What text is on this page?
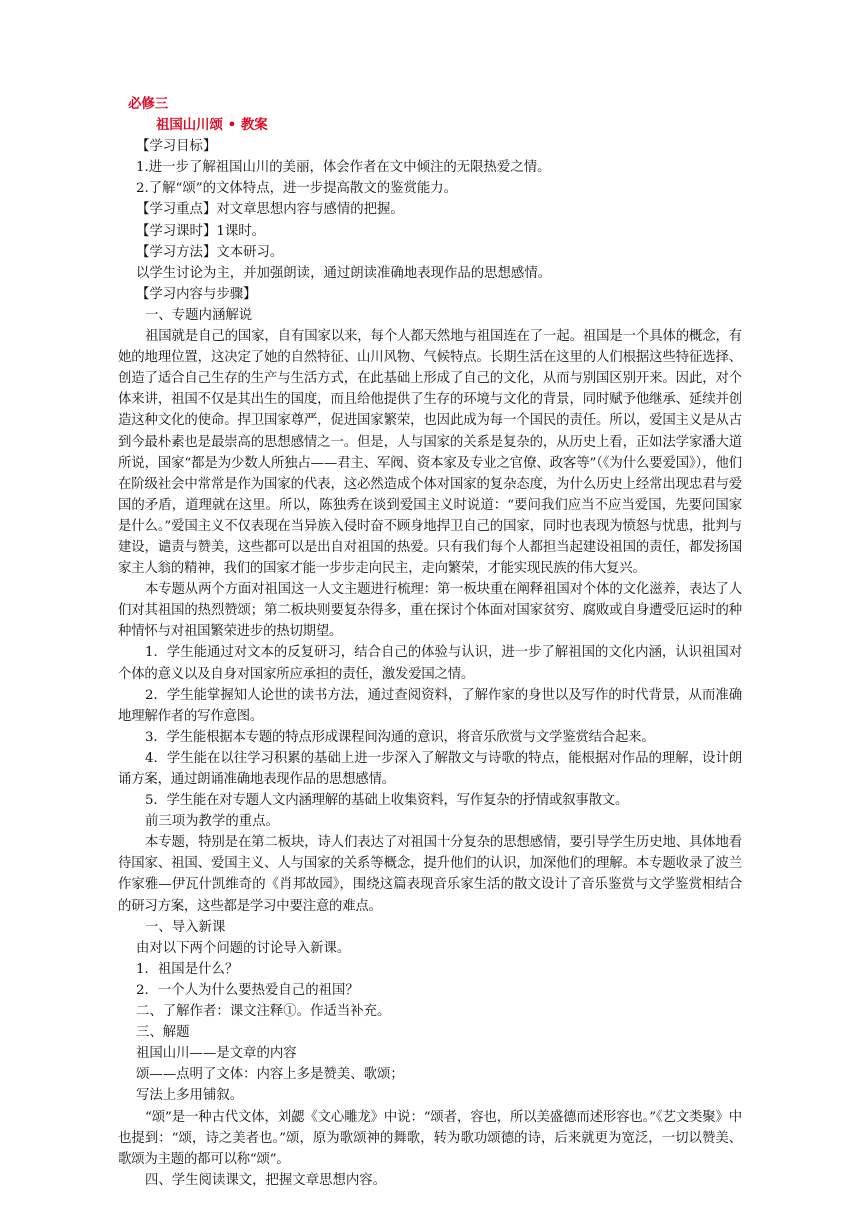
必修三
祖国山川颂 • 教案
【学习目标】
1.进一步了解祖国山川的美丽，体会作者在文中倾注的无限热爱之情。
2.了解“颂”的文体特点，进一步提高散文的鉴赏能力。
【学习重点】对文章思想内容与感情的把握。
【学习课时】1课时。
【学习方法】文本研习。
以学生讨论为主，并加强朗读，通过朗读准确地表现作品的思想感情。
【学习内容与步骤】
一、专题内涵解说
祖国就是自己的国家，自有国家以来，每个人都天然地与祖国连在了一起。祖国是一个具体的概念，有她的地理位置，这决定了她的自然特征、山川风物、气候特点。长期生活在这里的人们根据这些特征选择、创造了适合自己生存的生产与生活方式，在此基础上形成了自己的文化，从而与别国区别开来。因此，对个体来讲，祖国不仅是其出生的国度，而且给他提供了生存的环境与文化的背景，同时赋予他继承、延续并创造这种文化的使命。捍卫国家尊严，促进国家繁荣，也因此成为每一个国民的责任。所以，爱国主义是从古到今最朴素也是最崇高的思想感情之一。但是，人与国家的关系是复杂的，从历史上看，正如法学家潘大道所说，国家“都是为少数人所独占——君主、军阀、资本家及专业之官僚、政客等”（《为什么要爱国》），他们在阶级社会中常常是作为国家的代表，这必然造成个体对国家的复杂态度，为什么历史上经常出现忠君与爱国的矛盾，道理就在这里。所以，陈独秀在谈到爱国主义时说道：“要问我们应当不应当爱国，先要问国家是什么。”爱国主义不仅表现在当异族入侵时奋不顾身地捍卫自己的国家，同时也表现为愤怒与忧患，批判与建设，谴责与赞美，这些都可以是出自对祖国的热爱。只有我们每个人都担当起建设祖国的责任，都发扬国家主人翁的精神，我们的国家才能一步步走向民主，走向繁荣，才能实现民族的伟大复兴。
本专题从两个方面对祖国这一人文主题进行梳理：第一板块重在阐释祖国对个体的文化滋养，表达了人们对其祖国的热烈赞颂；第二板块则要复杂得多，重在探讨个体面对国家贫穷、腐败或自身遭受厄运时的种种情怀与对祖国繁荣进步的热切期望。
1．学生能通过对文本的反复研习，结合自己的体验与认识，进一步了解祖国的文化内涵，认识祖国对个体的意义以及自身对国家所应承担的责任，激发爱国之情。
2．学生能掌握知人论世的读书方法，通过查阅资料，了解作家的身世以及写作的时代背景，从而准确地理解作者的写作意图。
3．学生能根据本专题的特点形成课程间沟通的意识，将音乐欣赏与文学鉴赏结合起来。
4．学生能在以往学习积累的基础上进一步深入了解散文与诗歌的特点，能根据对作品的理解，设计朗诵方案，通过朗诵准确地表现作品的思想感情。
5．学生能在对专题人文内涵理解的基础上收集资料，写作复杂的抒情或叙事散文。
前三项为教学的重点。
本专题，特别是在第二板块，诗人们表达了对祖国十分复杂的思想感情，要引导学生历史地、具体地看待国家、祖国、爱国主义、人与国家的关系等概念，提升他们的认识，加深他们的理解。本专题收录了波兰作家雅—伊瓦什凯维奇的《肖邦故园》，围绕这篇表现音乐家生活的散文设计了音乐鉴赏与文学鉴赏相结合的研习方案，这些都是学习中要注意的难点。
一、导入新课
由对以下两个问题的讨论导入新课。
1．祖国是什么？
2．一个人为什么要热爱自己的祖国？
二、了解作者：课文注释①。作适当补充。
三、解题
祖国山川——是文章的内容
颂——点明了文体：内容上多是赞美、歌颂；
写法上多用铺叙。
“颂”是一种古代文体，刘勰《文心雕龙》中说：“颂者，容也，所以美盛德而述形容也。”《艺文类聚》中也提到：“颂，诗之美者也。”颂，原为歌颂神的舞歌，转为歌功颂德的诗，后来就更为宽泛，一切以赞美、歌颂为主题的都可以称“颂”。
四、学生阅读课文，把握文章思想内容。
